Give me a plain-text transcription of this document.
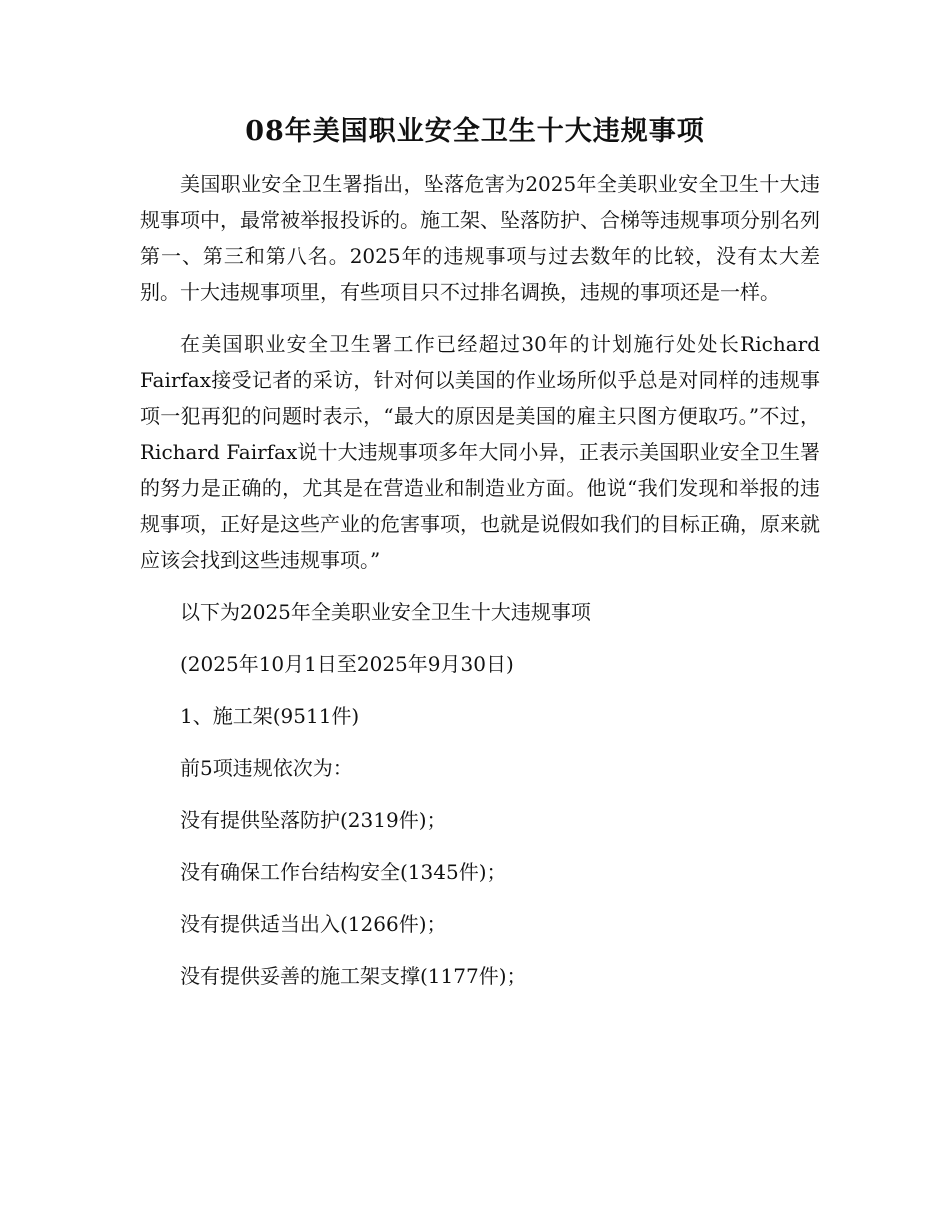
08年美国职业安全卫生十大违规事项

美国职业安全卫生署指出，坠落危害为2025年全美职业安全卫生十大违规事项中，最常被举报投诉的。施工架、坠落防护、合梯等违规事项分别名列第一、第三和第八名。2025年的违规事项与过去数年的比较，没有太大差别。十大违规事项里，有些项目只不过排名调换，违规的事项还是一样。

在美国职业安全卫生署工作已经超过30年的计划施行处处长Richard Fairfax接受记者的采访，针对何以美国的作业场所似乎总是对同样的违规事项一犯再犯的问题时表示，“最大的原因是美国的雇主只图方便取巧。”不过，Richard Fairfax说十大违规事项多年大同小异，正表示美国职业安全卫生署的努力是正确的，尤其是在营造业和制造业方面。他说“我们发现和举报的违规事项，正好是这些产业的危害事项，也就是说假如我们的目标正确，原来就应该会找到这些违规事项。”

以下为2025年全美职业安全卫生十大违规事项

(2025年10月1日至2025年9月30日)

1、施工架(9511件)

前5项违规依次为：

没有提供坠落防护(2319件)；

没有确保工作台结构安全(1345件)；

没有提供适当出入(1266件)；

没有提供妥善的施工架支撑(1177件)；
